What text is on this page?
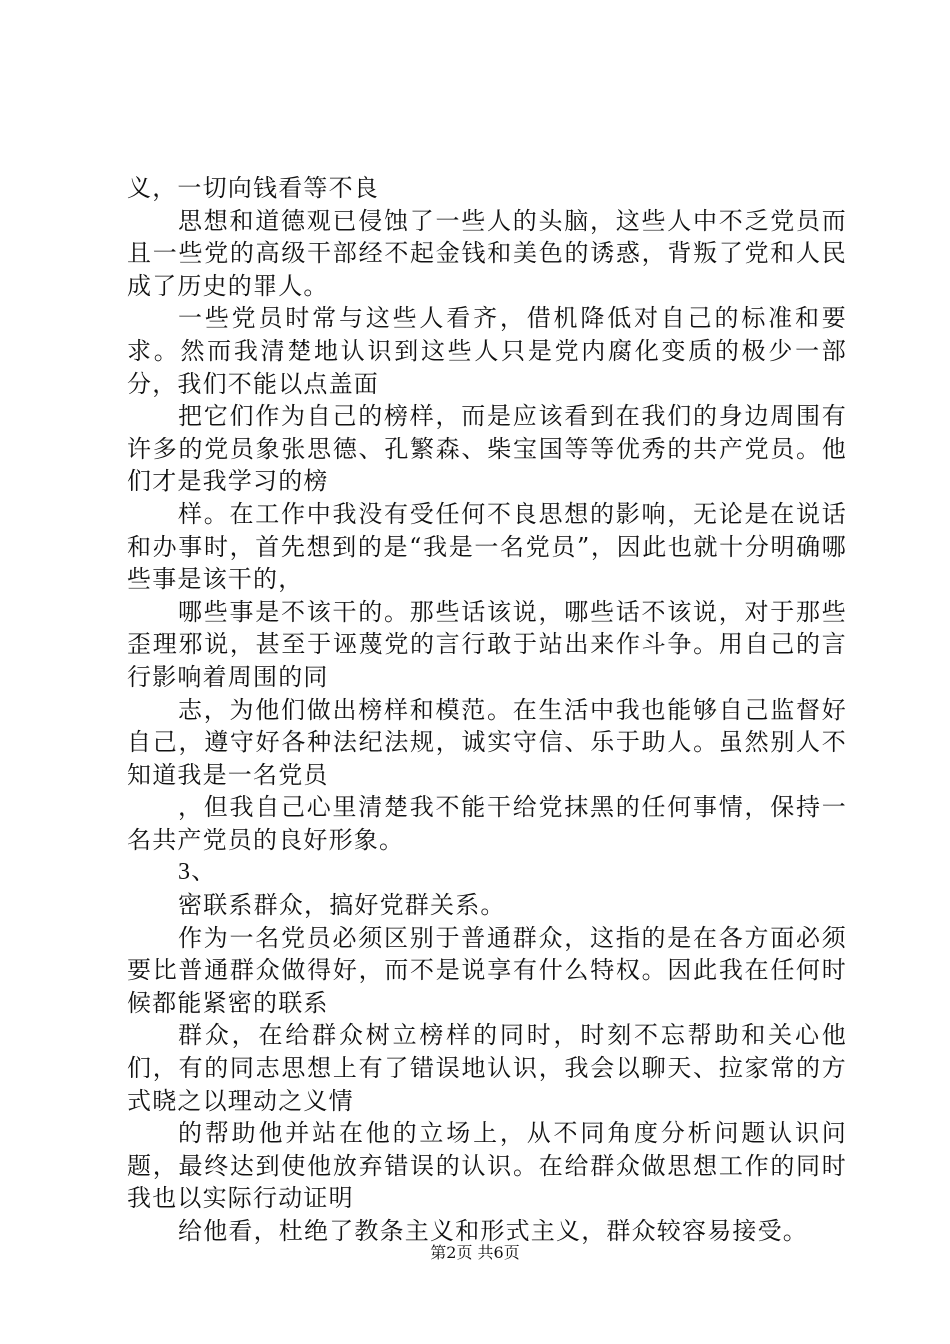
义，一切向钱看等不良

思想和道德观已侵蚀了一些人的头脑，这些人中不乏党员而且一些党的高级干部经不起金钱和美色的诱惑，背叛了党和人民成了历史的罪人。

一些党员时常与这些人看齐，借机降低对自己的标准和要求。然而我清楚地认识到这些人只是党内腐化变质的极少一部分，我们不能以点盖面

把它们作为自己的榜样，而是应该看到在我们的身边周围有许多的党员象张思德、孔繁森、柴宝国等等优秀的共产党员。他们才是我学习的榜

样。在工作中我没有受任何不良思想的影响，无论是在说话和办事时，首先想到的是“我是一名党员”，因此也就十分明确哪些事是该干的，

哪些事是不该干的。那些话该说，哪些话不该说，对于那些歪理邪说，甚至于诬蔑党的言行敢于站出来作斗争。用自己的言行影响着周围的同

志，为他们做出榜样和模范。在生活中我也能够自己监督好自己，遵守好各种法纪法规，诚实守信、乐于助人。虽然别人不知道我是一名党员

，但我自己心里清楚我不能干给党抹黑的任何事情，保持一名共产党员的良好形象。

3、

密联系群众，搞好党群关系。

作为一名党员必须区别于普通群众，这指的是在各方面必须要比普通群众做得好，而不是说享有什么特权。因此我在任何时候都能紧密的联系

群众，在给群众树立榜样的同时，时刻不忘帮助和关心他们，有的同志思想上有了错误地认识，我会以聊天、拉家常的方式晓之以理动之义情

的帮助他并站在他的立场上，从不同角度分析问题认识问题，最终达到使他放弃错误的认识。在给群众做思想工作的同时我也以实际行动证明

给他看，杜绝了教条主义和形式主义，群众较容易接受。

第2页 共6页
